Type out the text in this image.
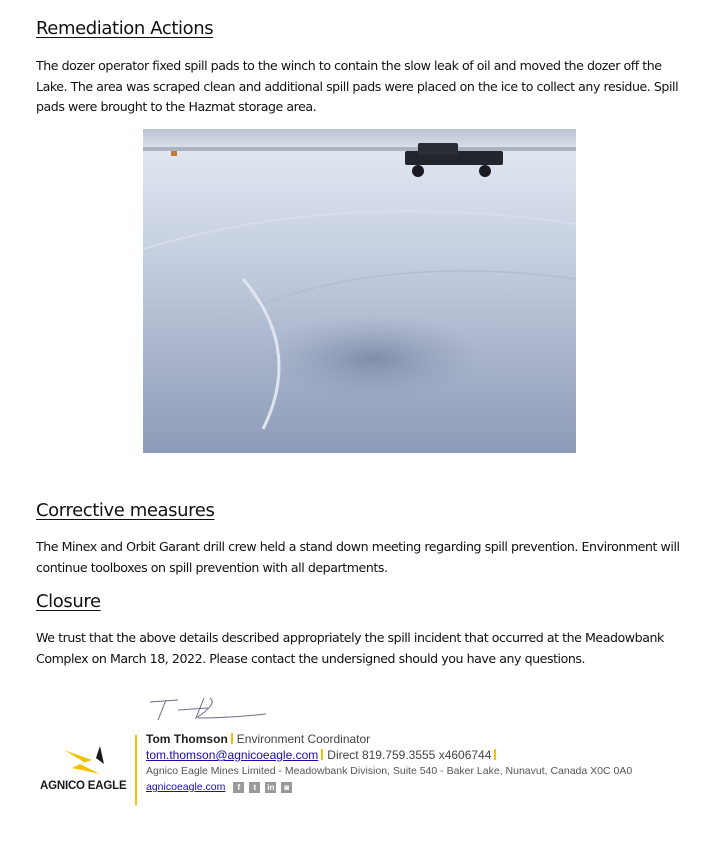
Remediation Actions

The dozer operator fixed spill pads to the winch to contain the slow leak of oil and moved the dozer off the Lake. The area was scraped clean and additional spill pads were placed on the ice to collect any residue. Spill pads were brought to the Hazmat storage area.

Corrective measures

The Minex and Orbit Garant drill crew held a stand down meeting regarding spill prevention. Environment will continue toolboxes on spill prevention with all departments.

Closure

We trust that the above details described appropriately the spill incident that occurred at the Meadowbank Complex on March 18, 2022. Please contact the undersigned should you have any questions.

AGNICO EAGLE
Tom Thomson Environment Coordinator
tom.thomson@agnicoeagle.com Direct 819.759.3555 x4606744
Agnico Eagle Mines Limited - Meadowbank Division, Suite 540 - Baker Lake, Nunavut, Canada X0C 0A0
agnicoeagle.com f t in ◙
